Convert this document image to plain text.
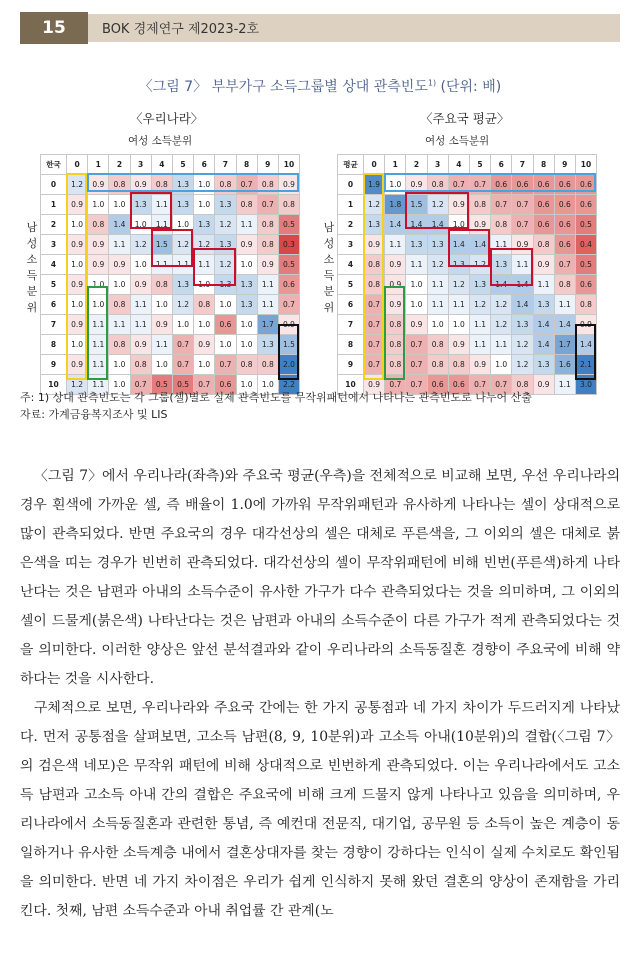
15	BOK 경제연구 제2023-2호
〈그림 7〉 부부가구 소득그룹별 상대 관측빈도$^{1)}$ (단위: 배)
〈우리나라〉	〈주요국 평균〉
여성 소득분위	여성 소득분위
남성 소득분위
남성 소득분위
한국	0	1	2	3	4	5	6	7	8	9	10
0	1.2	0.9	0.8	0.9	0.8	1.3	1.0	0.8	0.7	0.8	0.9
1	0.9	1.0	1.0	1.3	1.1	1.3	1.0	1.3	0.8	0.7	0.8
2	1.0	0.8	1.4	1.0	1.1	1.0	1.3	1.2	1.1	0.8	0.5
3	0.9	0.9	1.1	1.2	1.5	1.2	1.2	1.3	0.9	0.8	0.3
4	1.0	0.9	0.9	1.0	1.1	1.1	1.1	1.2	1.0	0.9	0.5
5	0.9	1.0	1.0	0.9	0.8	1.3	1.0	1.3	1.3	1.1	0.6
6	1.0	1.0	0.8	1.1	1.0	1.2	0.8	1.0	1.3	1.1	0.7
7	0.9	1.1	1.1	1.1	0.9	1.0	1.0	0.6	1.0	1.7	0.9
8	1.0	1.1	0.8	0.9	1.1	0.7	0.9	1.0	1.0	1.3	1.5
9	0.9	1.1	1.0	0.8	1.0	0.7	1.0	0.7	0.8	0.8	2.0
10	1.2	1.1	1.0	0.7	0.5	0.5	0.7	0.6	1.0	1.0	2.2
평균	0	1	2	3	4	5	6	7	8	9	10
0	1.9	1.0	0.9	0.8	0.7	0.7	0.6	0.6	0.6	0.6	0.6
1	1.2	1.8	1.5	1.2	0.9	0.8	0.7	0.7	0.6	0.6	0.6
2	1.3	1.4	1.4	1.4	1.0	0.9	0.8	0.7	0.6	0.6	0.5
3	0.9	1.1	1.3	1.3	1.4	1.4	1.1	0.9	0.8	0.6	0.4
4	0.8	0.9	1.1	1.2	1.3	1.2	1.3	1.1	0.9	0.7	0.5
5	0.8	0.9	1.0	1.1	1.2	1.3	1.4	1.4	1.1	0.8	0.6
6	0.7	0.9	1.0	1.1	1.1	1.2	1.2	1.4	1.3	1.1	0.8
7	0.7	0.8	0.9	1.0	1.0	1.1	1.2	1.3	1.4	1.4	0.9
8	0.7	0.8	0.7	0.8	0.9	1.1	1.1	1.2	1.4	1.7	1.4
9	0.7	0.8	0.7	0.8	0.8	0.9	1.0	1.2	1.3	1.6	2.1
10	0.9	0.7	0.7	0.6	0.6	0.7	0.7	0.8	0.9	1.1	3.0
주: 1) 상대 관측빈도는 각 그룹(셀)별로 실제 관측빈도를 무작위패턴에서 나타나는 관측빈도로 나누어 산출
자료: 가계금융복지조사 및 LIS

〈그림 7〉에서 우리나라(좌측)와 주요국 평균(우측)을 전체적으로 비교해 보면, 우선 우리나라의 경우 흰색에 가까운 셀, 즉 배율이 1.0에 가까워 무작위패턴과 유사하게 나타나는 셀이 상대적으로 많이 관측되었다. 반면 주요국의 경우 대각선상의 셀은 대체로 푸른색을, 그 이외의 셀은 대체로 붉은색을 띠는 경우가 빈번히 관측되었다. 대각선상의 셀이 무작위패턴에 비해 빈번(푸른색)하게 나타난다는 것은 남편과 아내의 소득수준이 유사한 가구가 다수 관측되었다는 것을 의미하며, 그 이외의 셀이 드물게(붉은색) 나타난다는 것은 남편과 아내의 소득수준이 다른 가구가 적게 관측되었다는 것을 의미한다. 이러한 양상은 앞선 분석결과와 같이 우리나라의 소득동질혼 경향이 주요국에 비해 약하다는 것을 시사한다.

구체적으로 보면, 우리나라와 주요국 간에는 한 가지 공통점과 네 가지 차이가 두드러지게 나타났다. 먼저 공통점을 살펴보면, 고소득 남편(8, 9, 10분위)과 고소득 아내(10분위)의 결합(〈그림 7〉의 검은색 네모)은 무작위 패턴에 비해 상대적으로 빈번하게 관측되었다. 이는 우리나라에서도 고소득 남편과 고소득 아내 간의 결합은 주요국에 비해 크게 드물지 않게 나타나고 있음을 의미하며, 우리나라에서 소득동질혼과 관련한 통념, 즉 예컨대 전문직, 대기업, 공무원 등 소득이 높은 계층이 동일하거나 유사한 소득계층 내에서 결혼상대자를 찾는 경향이 강하다는 인식이 실제 수치로도 확인됨을 의미한다. 반면 네 가지 차이점은 우리가 쉽게 인식하지 못해 왔던 결혼의 양상이 존재함을 가리킨다. 첫째, 남편 소득수준과 아내 취업률 간 관계(노
